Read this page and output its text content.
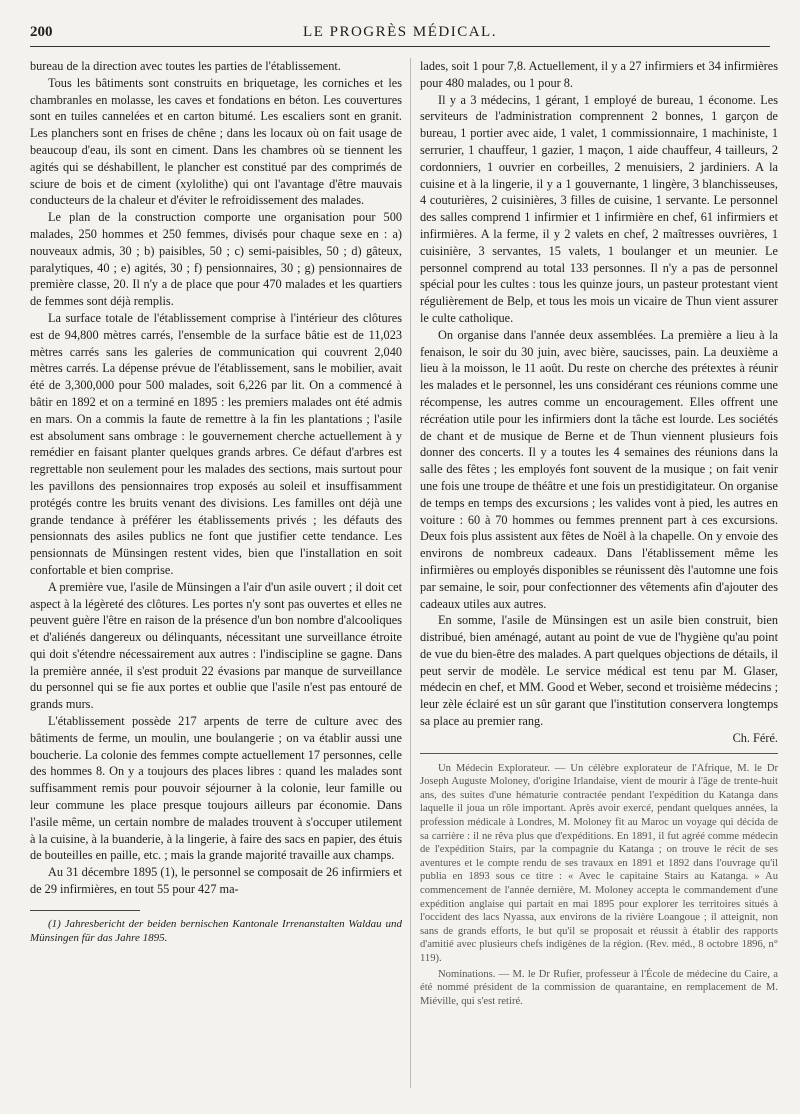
200	LE PROGRÈS MÉDICAL.

bureau de la direction avec toutes les parties de l'établissement.

Tous les bâtiments sont construits en briquetage, les corniches et les chambranles en molasse, les caves et fondations en béton. Les couvertures sont en tuiles cannelées et en carton bitumé. Les escaliers sont en granit. Les planchers sont en frises de chêne ; dans les locaux où on fait usage de beaucoup d'eau, ils sont en ciment. Dans les chambres où se tiennent les agités qui se déshabillent, le plancher est constitué par des comprimés de sciure de bois et de ciment (xylolithe) qui ont l'avantage d'être mauvais conducteurs de la chaleur et d'éviter le refroidissement des malades.

Le plan de la construction comporte une organisation pour 500 malades, 250 hommes et 250 femmes, divisés pour chaque sexe en : a) nouveaux admis, 30 ; b) paisibles, 50 ; c) semi-paisibles, 50 ; d) gâteux, paralytiques, 40 ; e) agités, 30 ; f) pensionnaires, 30 ; g) pensionnaires de première classe, 20. Il n'y a de place que pour 470 malades et les quartiers de femmes sont déjà remplis.

La surface totale de l'établissement comprise à l'intérieur des clôtures est de 94,800 mètres carrés, l'ensemble de la surface bâtie est de 11,023 mètres carrés sans les galeries de communication qui couvrent 2,040 mètres carrés. La dépense prévue de l'établissement, sans le mobilier, avait été de 3,300,000 pour 500 malades, soit 6,226 par lit. On a commencé à bâtir en 1892 et on a terminé en 1895 : les premiers malades ont été admis en mars. On a commis la faute de remettre à la fin les plantations ; l'asile est absolument sans ombrage : le gouvernement cherche actuellement à y remédier en faisant planter quelques grands arbres. Ce défaut d'arbres est regrettable non seulement pour les malades des sections, mais surtout pour les pavillons des pensionnaires trop exposés au soleil et insuffisamment protégés contre les bruits venant des divisions. Les familles ont déjà une grande tendance à préférer les établissements privés ; les défauts des pensionnats des asiles publics ne font que justifier cette tendance. Les pensionnats de Münsingen restent vides, bien que l'installation en soit confortable et bien comprise.

A première vue, l'asile de Münsingen a l'air d'un asile ouvert ; il doit cet aspect à la légèreté des clôtures. Les portes n'y sont pas ouvertes et elles ne peuvent guère l'être en raison de la présence d'un bon nombre d'alcooliques et d'aliénés dangereux ou délinquants, nécessitant une surveillance étroite qui doit s'étendre nécessairement aux autres : l'indiscipline se gagne. Dans la première année, il s'est produit 22 évasions par manque de surveillance du personnel qui se fie aux portes et oublie que l'asile n'est pas entouré de grands murs.

L'établissement possède 217 arpents de terre de culture avec des bâtiments de ferme, un moulin, une boulangerie ; on va établir aussi une boucherie. La colonie des femmes compte actuellement 17 personnes, celle des hommes 8. On y a toujours des places libres : quand les malades sont suffisamment remis pour pouvoir séjourner à la colonie, leur famille ou leur commune les place presque toujours ailleurs par économie. Dans l'asile même, un certain nombre de malades trouvent à s'occuper utilement à la cuisine, à la buanderie, à la lingerie, à faire des sacs en papier, des étuis de bouteilles en paille, etc. ; mais la grande majorité travaille aux champs.

Au 31 décembre 1895 (1), le personnel se composait de 26 infirmiers et de 29 infirmières, en tout 55 pour 427 ma-

(1) Jahresbericht der beiden bernischen Kantonale Irrenanstalten Waldau und Münsingen für das Jahre 1895.

lades, soit 1 pour 7,8. Actuellement, il y a 27 infirmiers et 34 infirmières pour 480 malades, ou 1 pour 8.

Il y a 3 médecins, 1 gérant, 1 employé de bureau, 1 économe. Les serviteurs de l'administration comprennent 2 bonnes, 1 garçon de bureau, 1 portier avec aide, 1 valet, 1 commissionnaire, 1 machiniste, 1 serrurier, 1 chauffeur, 1 gazier, 1 maçon, 1 aide chauffeur, 4 tailleurs, 2 cordonniers, 1 ouvrier en corbeilles, 2 menuisiers, 2 jardiniers. A la cuisine et à la lingerie, il y a 1 gouvernante, 1 lingère, 3 blanchisseuses, 4 couturières, 2 cuisinières, 3 filles de cuisine, 1 servante. Le personnel des salles comprend 1 infirmier et 1 infirmière en chef, 61 infirmiers et infirmières. A la ferme, il y 2 valets en chef, 2 maîtresses ouvrières, 1 cuisinière, 3 servantes, 15 valets, 1 boulanger et un meunier. Le personnel comprend au total 133 personnes. Il n'y a pas de personnel spécial pour les cultes : tous les quinze jours, un pasteur protestant vient régulièrement de Belp, et tous les mois un vicaire de Thun vient assurer le culte catholique.

On organise dans l'année deux assemblées. La première a lieu à la fenaison, le soir du 30 juin, avec bière, saucisses, pain. La deuxième a lieu à la moisson, le 11 août. Du reste on cherche des prétextes à réunir les malades et le personnel, les uns considérant ces réunions comme une récompense, les autres comme un encouragement. Elles offrent une récréation utile pour les infirmiers dont la tâche est lourde. Les sociétés de chant et de musique de Berne et de Thun viennent plusieurs fois donner des concerts. Il y a toutes les 4 semaines des réunions dans la salle des fêtes ; les employés font souvent de la musique ; on fait venir une fois une troupe de théâtre et une fois un prestidigitateur. On organise de temps en temps des excursions ; les valides vont à pied, les autres en voiture : 60 à 70 hommes ou femmes prennent part à ces excursions. Deux fois plus assistent aux fêtes de Noël à la chapelle. On y envoie des environs de nombreux cadeaux. Dans l'établissement même les infirmières ou employés disponibles se réunissent dès l'automne une fois par semaine, le soir, pour confectionner des vêtements afin d'ajouter des cadeaux utiles aux autres.

En somme, l'asile de Münsingen est un asile bien construit, bien distribué, bien aménagé, autant au point de vue de l'hygiène qu'au point de vue du bien-être des malades. A part quelques objections de détails, il peut servir de modèle. Le service médical est tenu par M. Glaser, médecin en chef, et MM. Good et Weber, second et troisième médecins ; leur zèle éclairé est un sûr garant que l'institution conservera longtemps sa place au premier rang.

Ch. Féré.

Un Médecin Explorateur. — Un célèbre explorateur de l'Afrique, M. le Dr Joseph Auguste Moloney, d'origine Irlandaise, vient de mourir à l'âge de trente-huit ans, des suites d'une hématurie contractée pendant l'expédition du Katanga dans laquelle il joua un rôle important. Après avoir exercé, pendant quelques années, la profession médicale à Londres, M. Moloney fit au Maroc un voyage qui décida de sa carrière : il ne rêva plus que d'expéditions. En 1891, il fut agréé comme médecin de l'expédition Stairs, par la compagnie du Katanga ; on trouve le récit de ses aventures et le compte rendu de ses travaux en 1891 et 1892 dans l'ouvrage qu'il publia en 1893 sous ce titre : « Avec le capitaine Stairs au Katanga. » Au commencement de l'année dernière, M. Moloney accepta le commandement d'une expédition anglaise qui partait en mai 1895 pour explorer les territoires situés à l'occident des lacs Nyassa, aux environs de la rivière Loangoue ; il atteignit, non sans de grands efforts, le but qu'il se proposait et réussit à établir des rapports d'amitié avec plusieurs chefs indigènes de la région. (Rev. méd., 8 octobre 1896, n° 119).

Nominations. — M. le Dr Rufier, professeur à l'École de médecine du Caire, a été nommé président de la commission de quarantaine, en remplacement de M. Miéville, qui s'est retiré.
